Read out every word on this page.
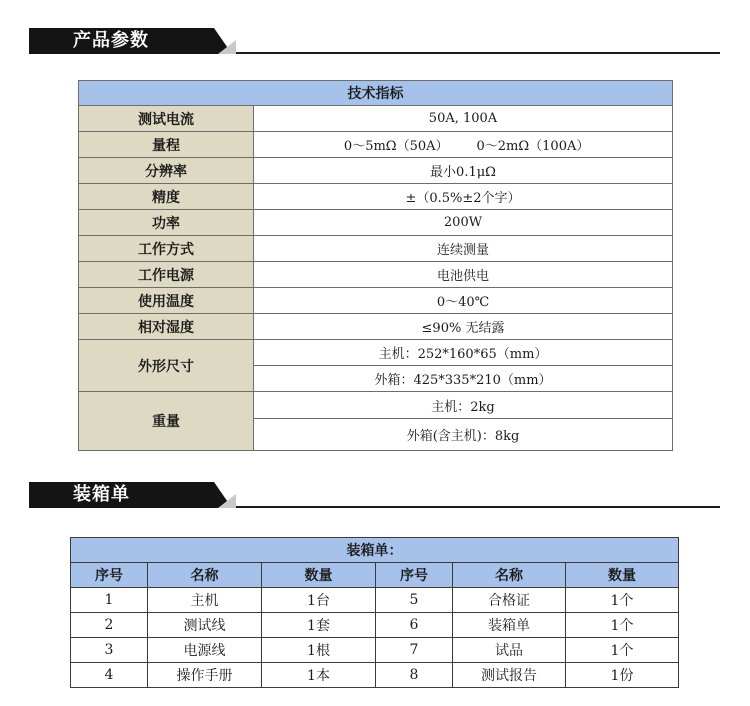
产品参数
技术指标		
测试电流	50A, 100A	
量程	0～5mΩ（50A）	0～2mΩ（100A）
分辨率	最小0.1μΩ	
精度	±（0.5%±2个字）	
功率	200W	
工作方式	连续测量	
工作电源	电池供电	
使用温度	0～40℃	
相对湿度	≤90% 无结露	
外形尺寸	主机：252*160*65（mm）	
	外箱：425*335*210（mm）	
重量	主机：2kg	
	外箱(含主机)：8kg	
装箱单
装箱单：					
序号	名称	数量	序号	名称	数量
1	主机	1台	5	合格证	1个
2	测试线	1套	6	装箱单	1个
3	电源线	1根	7	试品	1个
4	操作手册	1本	8	测试报告	1份
